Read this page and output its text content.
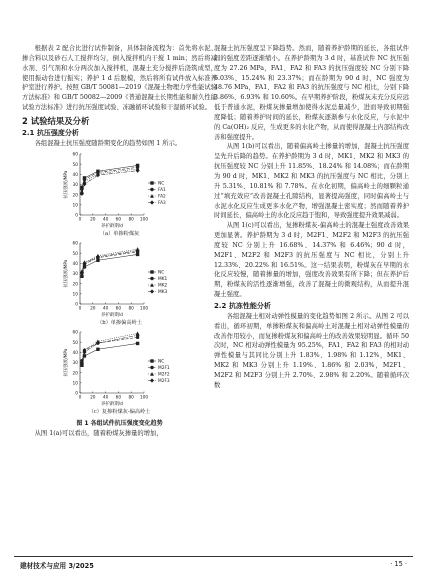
根据表 2 配合比进行试件制备，具体制备流程为：首先将水泥、掺合料以及砂石人工搅拌均匀，倒入搅拌机内干搅 1 min；然后将减水剂、引气剂和水分两次加入搅拌机，混凝土充分搅拌后浇筑成型，使用振动台进行振实；养护 1 d 后脱模，然后将所有试件放入标准养护室进行养护。按照 GB/T 50081—2019《混凝土物理力学性能试验方法标准》和 GB/T 50082—2009《普通混凝土长期性能和耐久性能试验方法标准》进行抗压强度试验、冻融循环试验和干湿循环试验。

2 试验结果及分析
2.1 抗压强度分析

各组混凝土抗压强度随龄期变化的趋势如图 1 所示。

0
10
20
30
40
50
60
0 20 40 60 80 100
养护龄期/d
抗压强度/MPa	NC
FA1
FA2
FA3

（a）单掺粉煤灰

0
10
20
30
40
50
60
0 20 40 60 80 100
养护龄期/d
抗压强度/MPa	NC
MK1
MK2
MK3

（b）单掺偏高岭土

0
10
20
30
40
50
60
0 20 40 60 80 100
养护龄期/d
抗压强度/MPa	NC
M2F1
M2F2
M2F3

（c）复掺粉煤灰-偏高岭土

图 1 各组试件抗压强度变化趋势

从图 1(a)可以看出，随着粉煤灰掺量的增加，

混凝土抗压强度呈下降趋势。然而，随着养护龄期的延长，各组试件间的强度差距逐渐缩小。在养护龄期为 3 d 时，基准试件 NC 抗压强度为 27.26 MPa，FA1、FA2 和 FA3 的抗压强度较 NC 分别下降 6.03%、15.24% 和 23.37%；而在龄期为 90 d 时，NC 强度为 48.76 MPa，FA1、FA2 和 FA3 的抗压强度与 NC 相比，分别下降 3.86%、6.93% 和 10.60%。在早期养护阶段，粉煤灰未充分反应远低于普通水泥，粉煤灰掺量增加使得水泥总量减少，进而导致初期强度降低；随着养护时间的延长，粉煤灰逐渐参与水化反应，与水泥中的 Ca(OH)₂ 反应，生成更多的水化产物，从而使得混凝土内部结构改善和强度提升。

从图 1(b)可以看出，随着偏高岭土掺量的增加，混凝土抗压强度呈先升后降的趋势。在养护龄期为 3 d 时，MK1、MK2 和 MK3 的抗压强度较 NC 分别上升 11.85%、18.24% 和 14.08%；而在龄期为 90 d 时，MK1、MK2 和 MK3 的抗压强度与 NC 相比，分别上升 5.31%、10.81% 和 7.78%。在水化初期，偏高岭土的细颗粒通过“填充效应”改善混凝土孔隙结构，显著提高强度，同时偏高岭土与水泥水化反应生成更多水化产物，增强混凝土密实度；然而随着养护时间延长，偏高岭土的水化反应趋于饱和，导致强度提升效果减弱。

从图 1(c)可以看出，复掺粉煤灰-偏高岭土的混凝土强度改善效果更加显著。养护龄期为 3 d 时，M2F1、M2F2 和 M2F3 的抗压强度较 NC 分别上升 16.68%、14.37% 和 6.46%；90 d 时，M2F1、M2F2 和 M2F3 的抗压强度与 NC 相比，分别上升 12.33%、20.22% 和 16.51%。这一结果表明，粉煤灰在早期的水化反应较慢，随着掺量的增加，强度改善效果有所下降；但在养护后期，粉煤灰的活性逐渐增强，改善了混凝土的微观结构，从而提升混凝土强度。

2.2 抗冻性能分析

各组混凝土相对动弹性模量的变化趋势如图 2 所示。从图 2 可以看出，循环初期，单掺粉煤灰和偏高岭土对混凝土相对动弹性模量的改善作用较小，而复掺粉煤灰和偏高岭土的改善效果较明显。循环 50 次时，NC 相对动弹性模量为 95.25%，FA1、FA2 和 FA3 的相对动弹性模量与其同比分别上升 1.83%、1.98% 和 1.12%，MK1、MK2 和 MK3 分别上升 1.19%、1.86% 和 2.03%，M2F1、M2F2 和 M2F3 分别上升 2.70%、2.98% 和 2.20%。随着循环次数

建材技术与应用 3/2025	· 15 ·
